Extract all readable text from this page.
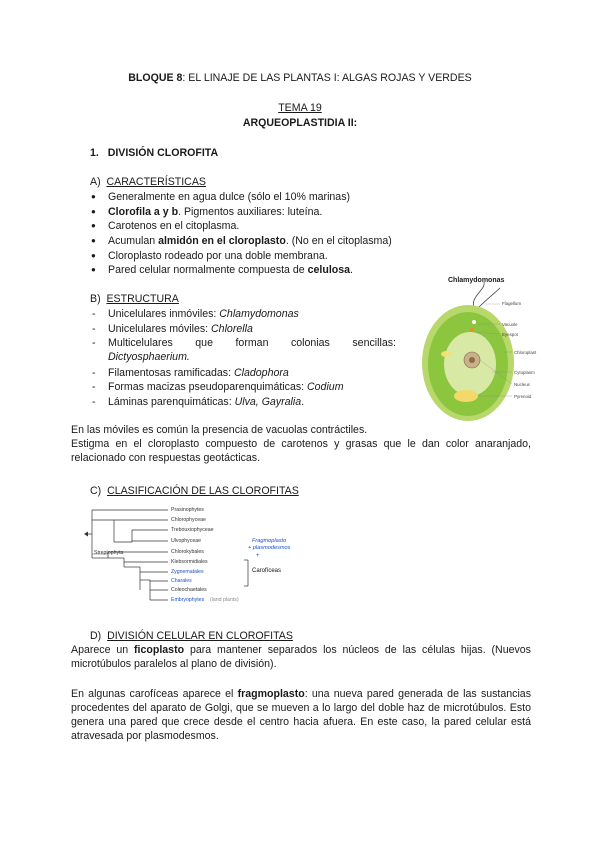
BLOQUE 8: EL LINAJE DE LAS PLANTAS I: ALGAS ROJAS Y VERDES
TEMA 19
ARQUEOPLASTIDIA II:
1. DIVISIÓN CLOROFITA
A) CARACTERÍSTICAS
● Generalmente en agua dulce (sólo el 10% marinas)
● Clorofila a y b. Pigmentos auxiliares: luteína.
● Carotenos en el citoplasma.
● Acumulan almidón en el cloroplasto. (No en el citoplasma)
● Cloroplasto rodeado por una doble membrana.
● Pared celular normalmente compuesta de celulosa.
B) ESTRUCTURA
- Unicelulares inmóviles: Chlamydomonas
- Unicelulares móviles: Chlorella
- Multicelulares que forman colonias sencillas:
Dictyosphaerium.
- Filamentosas ramificadas: Cladophora
- Formas macizas pseudoparenquimáticas: Codium
- Láminas parenquimáticas: Ulva, Gayralia.
Chlamydomonas
Flagellum
Vacuole
Eyespot
Chloroplast
Cytoplasm
Nucleus
Pyrenoid
En las móviles es común la presencia de vacuolas contráctiles.
Estigma en el cloroplasto compuesto de carotenos y grasas que le dan color anaranjado, relacionado con respuestas geotácticas.
C) CLASIFICACIÓN DE LAS CLOROFITAS
Prasinophytes
Chlorophyceae
Trebouxiophyceae
Ulvophyceae
Chlorokybales
Klebsormidiales
Zygnematales
Charales
Coleochaetales
Embryophytes (land plants)
Streptophyta
Fragmoplasto
+ plasmodesmos
+
Carofíceas
D) DIVISIÓN CELULAR EN CLOROFITAS
Aparece un ficoplasto para mantener separados los núcleos de las células hijas. (Nuevos microtúbulos paralelos al plano de división).
En algunas carofíceas aparece el fragmoplasto: una nueva pared generada de las sustancias procedentes del aparato de Golgi, que se mueven a lo largo del doble haz de microtúbulos. Esto genera una pared que crece desde el centro hacia afuera. En este caso, la pared celular está atravesada por plasmodesmos.
